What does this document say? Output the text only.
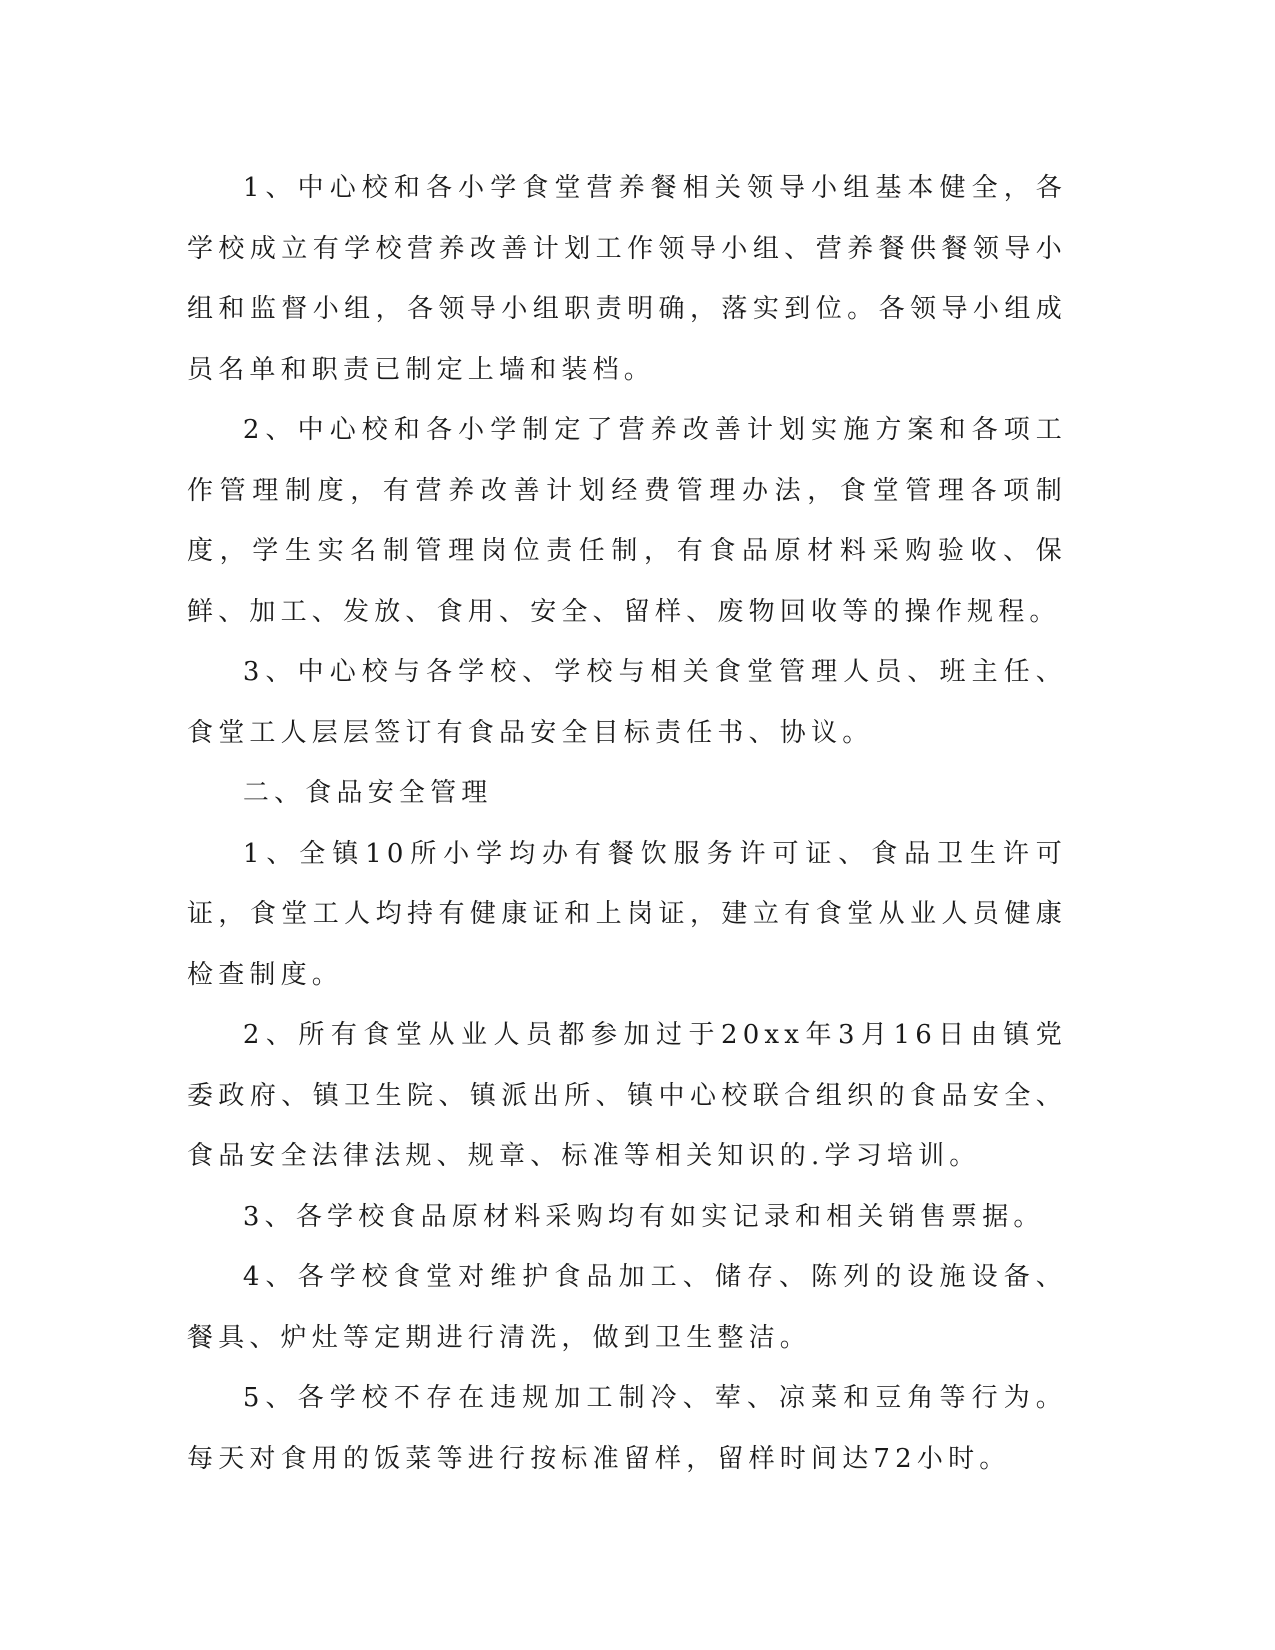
1、中心校和各小学食堂营养餐相关领导小组基本健全，各学校成立有学校营养改善计划工作领导小组、营养餐供餐领导小组和监督小组，各领导小组职责明确，落实到位。各领导小组成员名单和职责已制定上墙和装档。

2、中心校和各小学制定了营养改善计划实施方案和各项工作管理制度，有营养改善计划经费管理办法，食堂管理各项制度，学生实名制管理岗位责任制，有食品原材料采购验收、保鲜、加工、发放、食用、安全、留样、废物回收等的操作规程。

3、中心校与各学校、学校与相关食堂管理人员、班主任、食堂工人层层签订有食品安全目标责任书、协议。

二、食品安全管理

1、全镇10所小学均办有餐饮服务许可证、食品卫生许可证，食堂工人均持有健康证和上岗证，建立有食堂从业人员健康检查制度。

2、所有食堂从业人员都参加过于20xx年3月16日由镇党委政府、镇卫生院、镇派出所、镇中心校联合组织的食品安全、食品安全法律法规、规章、标准等相关知识的.学习培训。

3、各学校食品原材料采购均有如实记录和相关销售票据。

4、各学校食堂对维护食品加工、储存、陈列的设施设备、餐具、炉灶等定期进行清洗，做到卫生整洁。

5、各学校不存在违规加工制冷、荤、凉菜和豆角等行为。每天对食用的饭菜等进行按标准留样，留样时间达72小时。
